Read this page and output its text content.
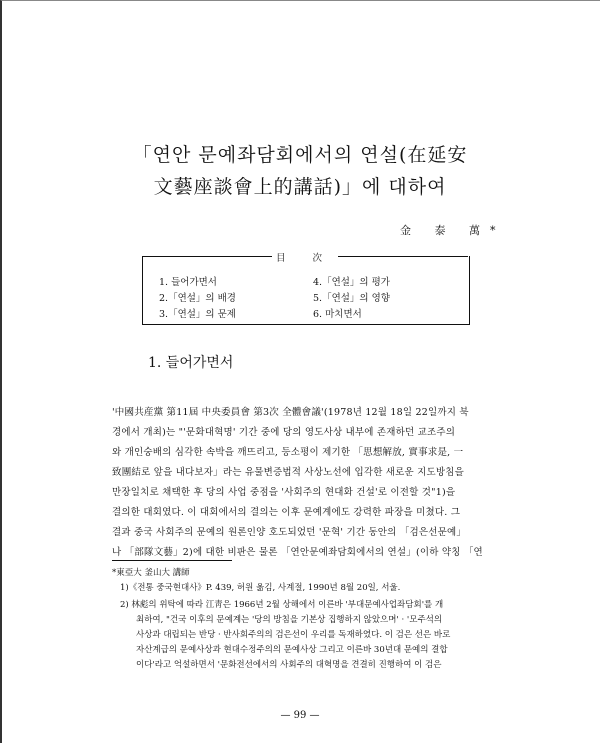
「연안 문예좌담회에서의 연설(在延安
文藝座談會上的講話)」에 대하여
金 泰 萬*
目 次
1. 들어가면서
2.「연설」의 배경
3.「연설」의 문제
4.「연설」의 평가
5.「연설」의 영향
6. 마치면서
1. 들어가면서
'中國共産黨 第11屆 中央委員會 第3次 全體會議'(1978년 12월 18일 22일까지 북
경에서 개최)는 "'문화대혁명' 기간 중에 당의 영도사상 내부에 존재하던 교조주의
와 개인숭배의 심각한 속박을 깨뜨리고, 등소평이 제기한 「思想解放, 實事求是, 一
致團結로 앞을 내다보자」라는 유물변증법적 사상노선에 입각한 새로운 지도방침을
만장일치로 채택한 후 당의 사업 중점을 '사회주의 현대화 건설'로 이전할 것"1)을
결의한 대회였다. 이 대회에서의 결의는 이후 문예계에도 강력한 파장을 미쳤다. 그
결과 중국 사회주의 문예의 원론인양 호도되었던 '문혁' 기간 동안의 「검은선문예」
나 「部隊文藝」2)에 대한 비판은 물론 「연안문예좌담회에서의 연설」(이하 약칭 「연
*東亞大 釜山大 講師
1)《전통 중국현대사》P. 439, 허원 옮김, 사계절, 1990년 8월 20일, 서울.
2) 林彪의 위탁에 따라 江靑은 1966년 2월 상해에서 이른바 '부대문예사업좌담회'를 개
최하여, "건국 이후의 문예계는 '당의 방침을 기본상 집행하지 않았으며' · '모주석의
사상과 대립되는 반당 · 반사회주의의 검은선이 우리를 독재하였다. 이 검은 선은 바로
자산계급의 문예사상과 현대수정주의의 문예사상 그리고 이른바 30년대 문예의 결합
이다'라고 억설하면서 '문화전선에서의 사회주의 대혁명을 견결히 진행하여 이 검은
— 99 —
